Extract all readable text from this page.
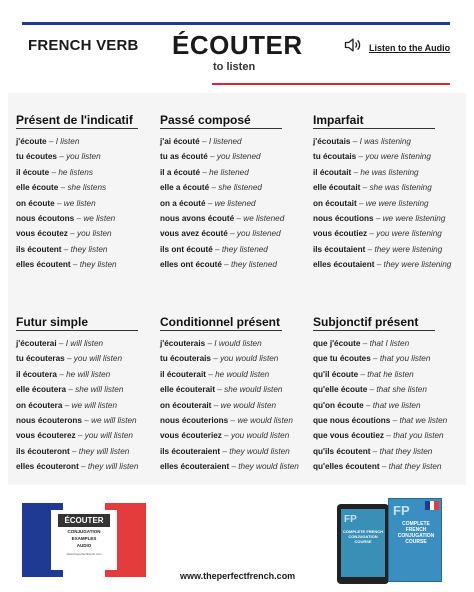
FRENCH VERB ÉCOUTER
to listen
Listen to the Audio
Présent de l'indicatif
j'écoute – I listen
tu écoutes – you listen
il écoute – he listens
elle écoute – she listens
on écoute – we listen
nous écoutons – we listen
vous écoutez – you listen
ils écoutent – they listen
elles écoutent – they listen
Passé composé
j'ai écouté – I listened
tu as écouté – you listened
il a écouté – he listened
elle a écouté – she listened
on a écouté – we listened
nous avons écouté – we listened
vous avez écouté – you listened
ils ont écouté – they listened
elles ont écouté – they listened
Imparfait
j'écoutais – I was listening
tu écoutais – you were listening
il écoutait – he was listening
elle écoutait – she was listening
on écoutait – we were listening
nous écoutions – we were listening
vous écoutiez – you were listening
ils écoutaient – they were listening
elles écoutaient – they were listening
Futur simple
j'écouterai – I will listen
tu écouteras – you will listen
il écoutera – he will listen
elle écoutera – she will listen
on écoutera – we will listen
nous écouterons – we will listen
vous écouterez – you will listen
ils écouteront – they will listen
elles écouteront – they will listen
Conditionnel présent
j'écouterais – I would listen
tu écouterais – you would listen
il écouterait – he would listen
elle écouterait – she would listen
on écouterait – we would listen
nous écouterions – we would listen
vous écouteriez – you would listen
ils écouteraient – they would listen
elles écouteraient – they would listen
Subjonctif présent
que j'écoute – that I listen
que tu écoutes – that you listen
qu'il écoute – that he listen
qu'elle écoute – that she listen
qu'on écoute – that we listen
que nous écoutions – that we listen
que vous écoutiez – that you listen
qu'ils écoutent – that they listen
qu'elles écoutent – that they listen
ÉCOUTER
CONJUGATION
EXAMPLES
AUDIO
www.theperfectfrench.com
www.theperfectfrench.com
FP
COMPLETE FRENCH CONJUGATION COURSE
FP
COMPLETE FRENCH CONJUGATION COURSE
